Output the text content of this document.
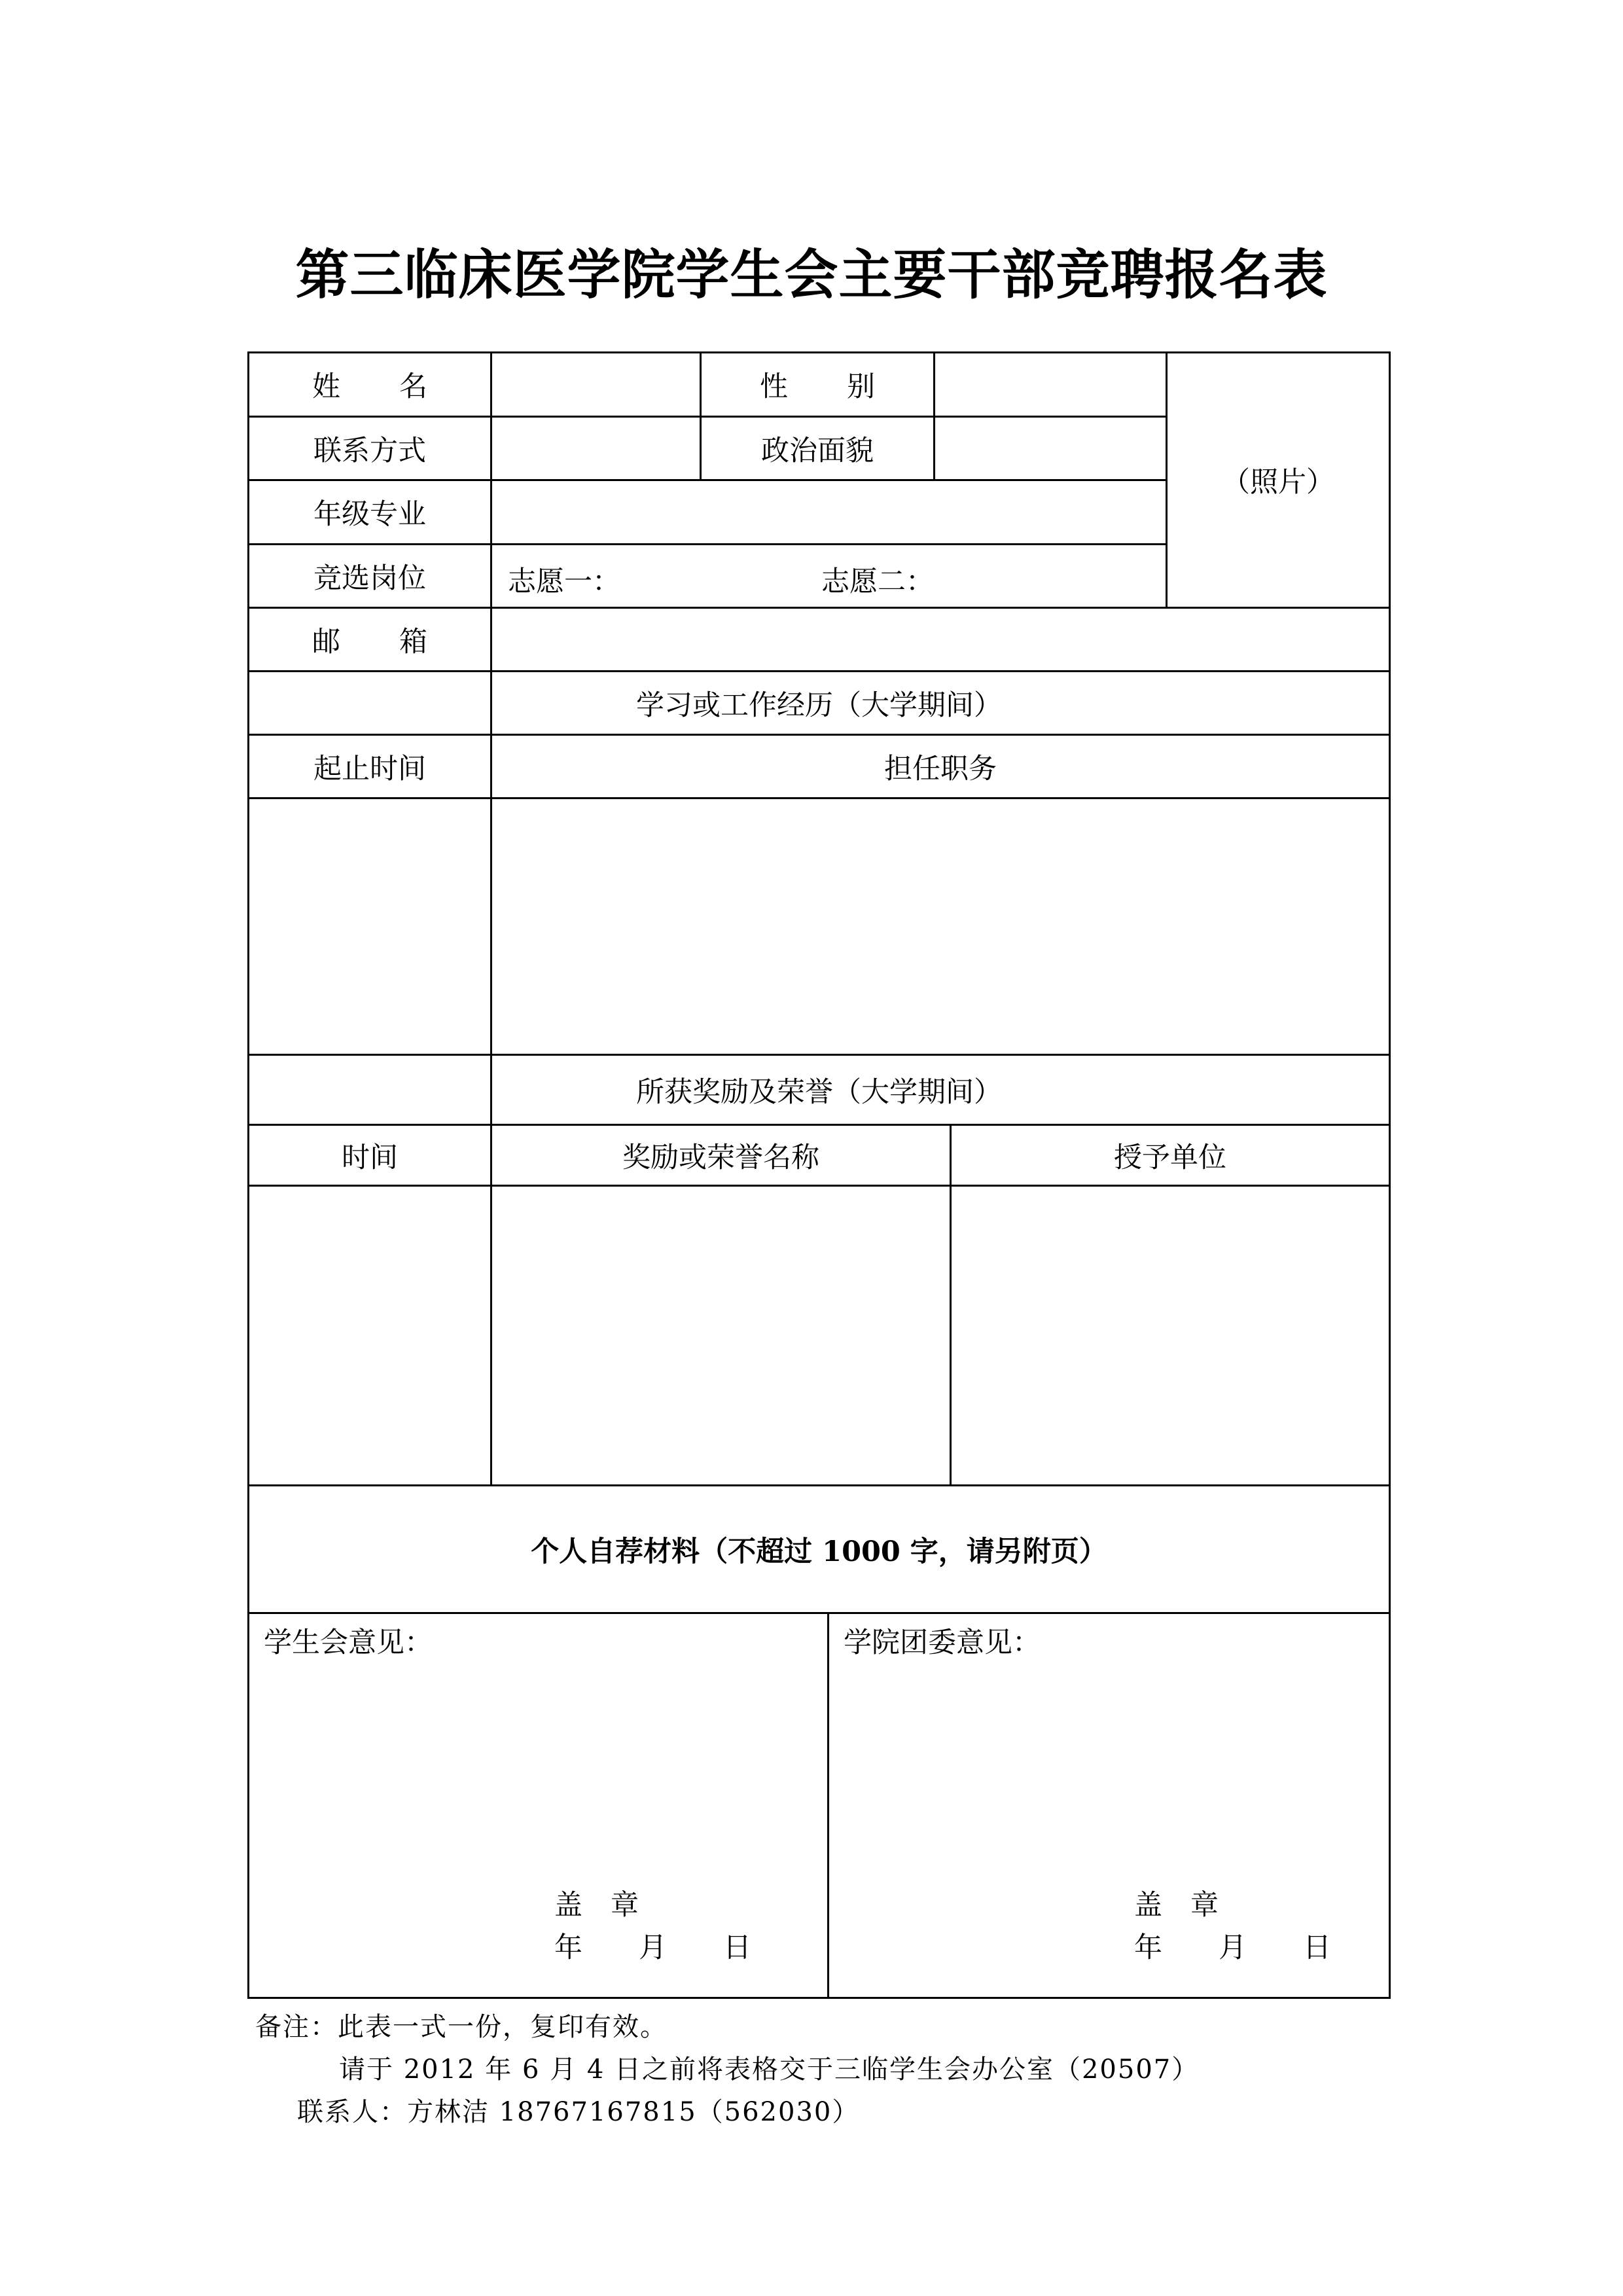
第三临床医学院学生会主要干部竞聘报名表
姓名	性别
（照片）
联系方式	政治面貌
年级专业
竞选岗位	志愿一：	志愿二：
邮箱
学习或工作经历（大学期间）
起止时间	担任职务
所获奖励及荣誉（大学期间）
时间	奖励或荣誉名称	授予单位
个人自荐材料（不超过 1000 字，请另附页）
学生会意见：
盖　章
年　　月　　日
学院团委意见：
盖　章
年　　月　　日
备注：此表一式一份，复印有效。
请于 2012 年 6 月 4 日之前将表格交于三临学生会办公室（20507）
联系人：方林洁 18767167815（562030）
